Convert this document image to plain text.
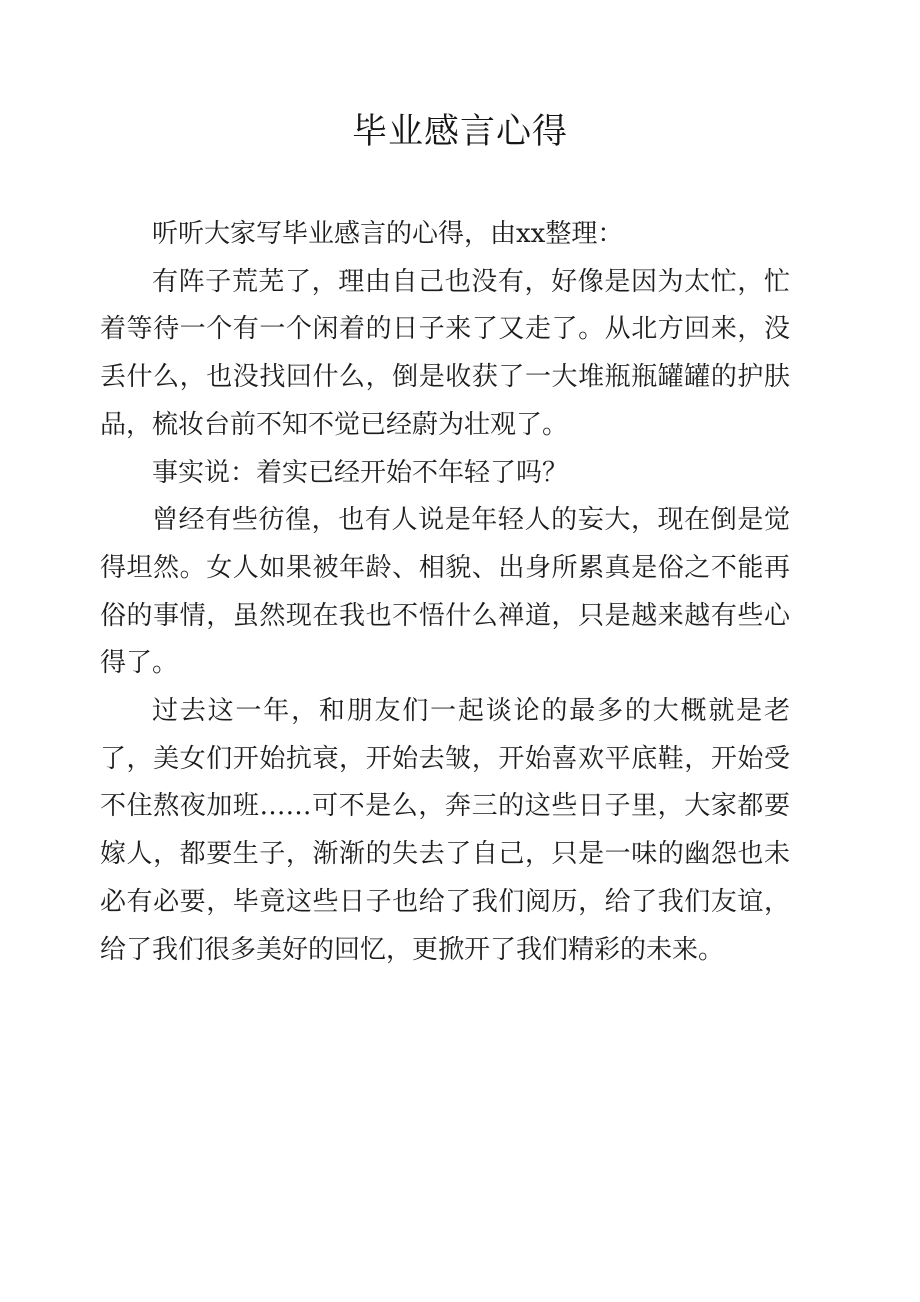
毕业感言心得

听听大家写毕业感言的心得，由xx整理：

有阵子荒芜了，理由自己也没有，好像是因为太忙，忙着等待一个有一个闲着的日子来了又走了。从北方回来，没丢什么，也没找回什么，倒是收获了一大堆瓶瓶罐罐的护肤品，梳妆台前不知不觉已经蔚为壮观了。

事实说：着实已经开始不年轻了吗？

曾经有些彷徨，也有人说是年轻人的妄大，现在倒是觉得坦然。女人如果被年龄、相貌、出身所累真是俗之不能再俗的事情，虽然现在我也不悟什么禅道，只是越来越有些心得了。

过去这一年，和朋友们一起谈论的最多的大概就是老了，美女们开始抗衰，开始去皱，开始喜欢平底鞋，开始受不住熬夜加班……可不是么，奔三的这些日子里，大家都要嫁人，都要生子，渐渐的失去了自己，只是一味的幽怨也未必有必要，毕竟这些日子也给了我们阅历，给了我们友谊，给了我们很多美好的回忆，更掀开了我们精彩的未来。
